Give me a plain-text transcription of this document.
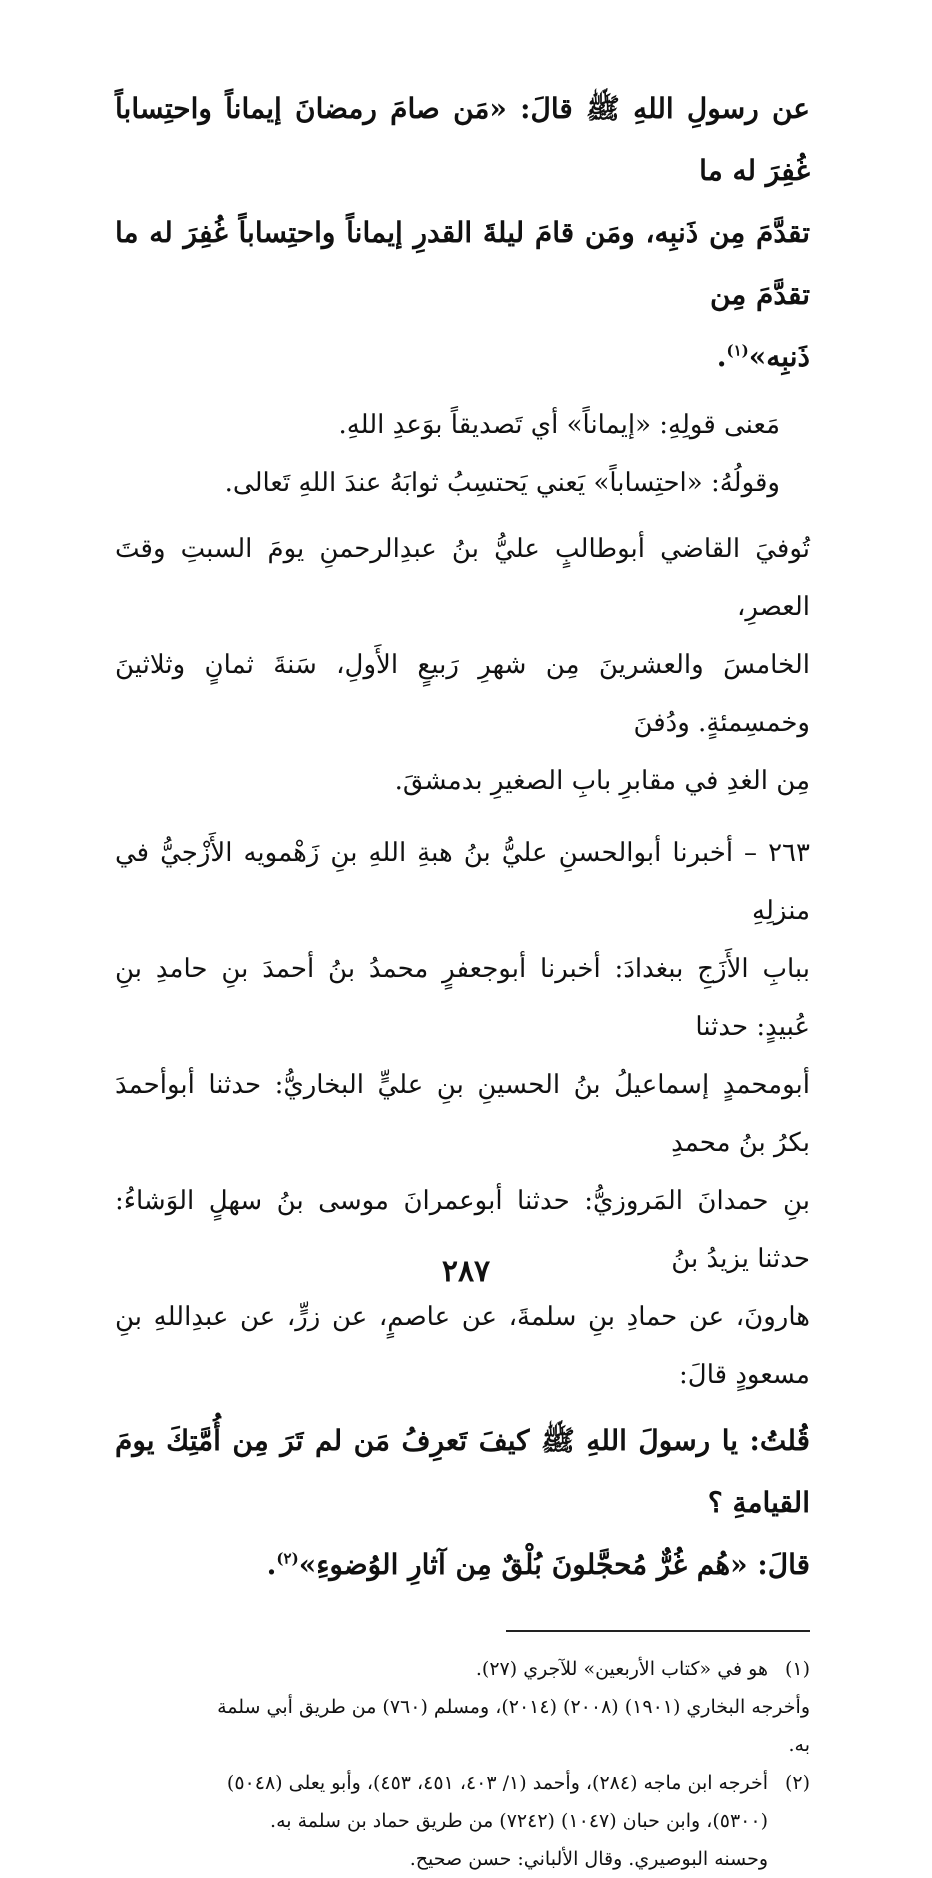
عن رسولِ اللهِ ﷺ قالَ: «مَن صامَ رمضانَ إيماناً واحتِساباً غُفِرَ له ما
تقدَّمَ مِن ذَنبِه، ومَن قامَ ليلةَ القدرِ إيماناً واحتِساباً غُفِرَ له ما تقدَّمَ مِن
ذَنبِه»$^{(١)}$.

مَعنى قولِهِ: «إيماناً» أي تَصديقاً بوَعدِ اللهِ.

وقولُهُ: «احتِساباً» يَعني يَحتسِبُ ثوابَهُ عندَ اللهِ تَعالى.

تُوفيَ القاضي أبوطالبٍ عليُّ بنُ عبدِالرحمنِ يومَ السبتِ وقتَ العصرِ،
الخامسَ والعشرينَ مِن شهرِ رَبيعٍ الأَولِ، سَنةَ ثمانٍ وثلاثينَ وخمسِمئةٍ. ودُفنَ
مِن الغدِ في مقابرِ بابِ الصغيرِ بدمشقَ.

٢٦٣ – أخبرنا أبوالحسنِ عليُّ بنُ هبةِ اللهِ بنِ زَهْمويه الأَزْجيُّ في منزلِهِ
ببابِ الأَزَجِ ببغدادَ: أخبرنا أبوجعفرٍ محمدُ بنُ أحمدَ بنِ حامدِ بنِ عُبيدٍ: حدثنا
أبومحمدٍ إسماعيلُ بنُ الحسينِ بنِ عليٍّ البخاريُّ: حدثنا أبوأحمدَ بكرُ بنُ محمدِ
بنِ حمدانَ المَروزيُّ: حدثنا أبوعمرانَ موسى بنُ سهلٍ الوَشاءُ: حدثنا يزيدُ بنُ
هارونَ، عن حمادِ بنِ سلمةَ، عن عاصمٍ، عن زرٍّ، عن عبدِاللهِ بنِ مسعودٍ قالَ:

قُلتُ: يا رسولَ اللهِ ﷺ كيفَ تَعرِفُ مَن لم تَرَ مِن أُمَّتِكَ يومَ القيامةِ ؟
قالَ: «هُم غُرٌّ مُحجَّلونَ بُلْقٌ مِن آثارِ الوُضوءِ»$^{(٢)}$.

(١)هو في «كتاب الأربعين» للآجري (٢٧).

وأخرجه البخاري (١٩٠١) (٢٠٠٨) (٢٠١٤)، ومسلم (٧٦٠) من طريق أبي سلمة

به.

(٢)أخرجه ابن ماجه (٢٨٤)، وأحمد (١/ ٤٠٣، ٤٥١، ٤٥٣)، وأبو يعلى (٥٠٤٨)

(٥٣٠٠)، وابن حبان (١٠٤٧) (٧٢٤٢) من طريق حماد بن سلمة به.

وحسنه البوصيري. وقال الألباني: حسن صحيح.

٢٨٧
